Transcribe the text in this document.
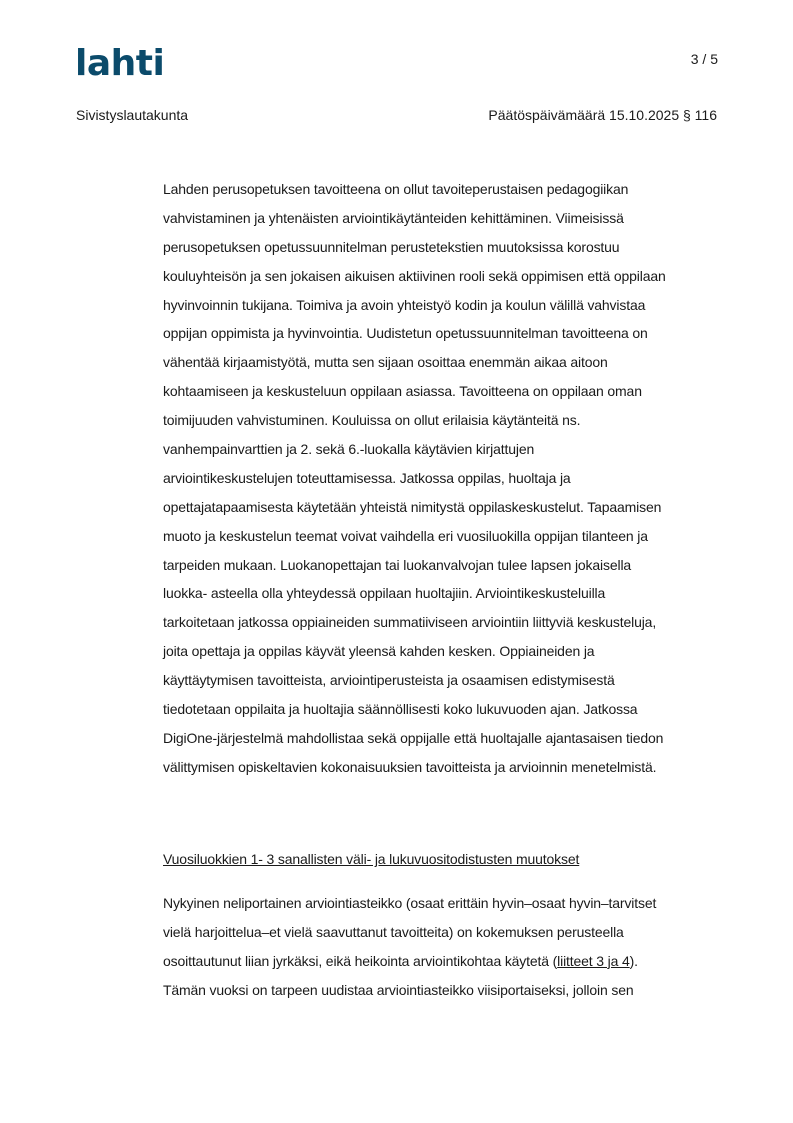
lahti	3 / 5
Sivistyslautakunta	Päätöspäivämäärä 15.10.2025 § 116
Lahden perusopetuksen tavoitteena on ollut tavoiteperustaisen pedagogiikan
vahvistaminen ja yhtenäisten arviointikäytänteiden kehittäminen. Viimeisissä
perusopetuksen opetussuunnitelman perustetekstien muutoksissa korostuu
kouluyhteisön ja sen jokaisen aikuisen aktiivinen rooli sekä oppimisen että oppilaan
hyvinvoinnin tukijana. Toimiva ja avoin yhteistyö kodin ja koulun välillä vahvistaa
oppijan oppimista ja hyvinvointia. Uudistetun opetussuunnitelman tavoitteena on
vähentää kirjaamistyötä, mutta sen sijaan osoittaa enemmän aikaa aitoon
kohtaamiseen ja keskusteluun oppilaan asiassa. Tavoitteena on oppilaan oman
toimijuuden vahvistuminen. Kouluissa on ollut erilaisia käytänteitä ns.
vanhempainvarttien ja 2. sekä 6.-luokalla käytävien kirjattujen
arviointikeskustelujen toteuttamisessa. Jatkossa oppilas, huoltaja ja
opettajatapaamisesta käytetään yhteistä nimitystä oppilaskeskustelut. Tapaamisen
muoto ja keskustelun teemat voivat vaihdella eri vuosiluokilla oppijan tilanteen ja
tarpeiden mukaan. Luokanopettajan tai luokanvalvojan tulee lapsen jokaisella
luokka- asteella olla yhteydessä oppilaan huoltajiin. Arviointikeskusteluilla
tarkoitetaan jatkossa oppiaineiden summatiiviseen arviointiin liittyviä keskusteluja,
joita opettaja ja oppilas käyvät yleensä kahden kesken. Oppiaineiden ja
käyttäytymisen tavoitteista, arviointiperusteista ja osaamisen edistymisestä
tiedotetaan oppilaita ja huoltajia säännöllisesti koko lukuvuoden ajan. Jatkossa
DigiOne-järjestelmä mahdollistaa sekä oppijalle että huoltajalle ajantasaisen tiedon
välittymisen opiskeltavien kokonaisuuksien tavoitteista ja arvioinnin menetelmistä.
Vuosiluokkien 1- 3 sanallisten väli- ja lukuvuositodistusten muutokset
Nykyinen neliportainen arviointiasteikko (osaat erittäin hyvin–osaat hyvin–tarvitset
vielä harjoittelua–et vielä saavuttanut tavoitteita) on kokemuksen perusteella
osoittautunut liian jyrkäksi, eikä heikointa arviointikohtaa käytetä (liitteet 3 ja 4).
Tämän vuoksi on tarpeen uudistaa arviointiasteikko viisiportaiseksi, jolloin sen
